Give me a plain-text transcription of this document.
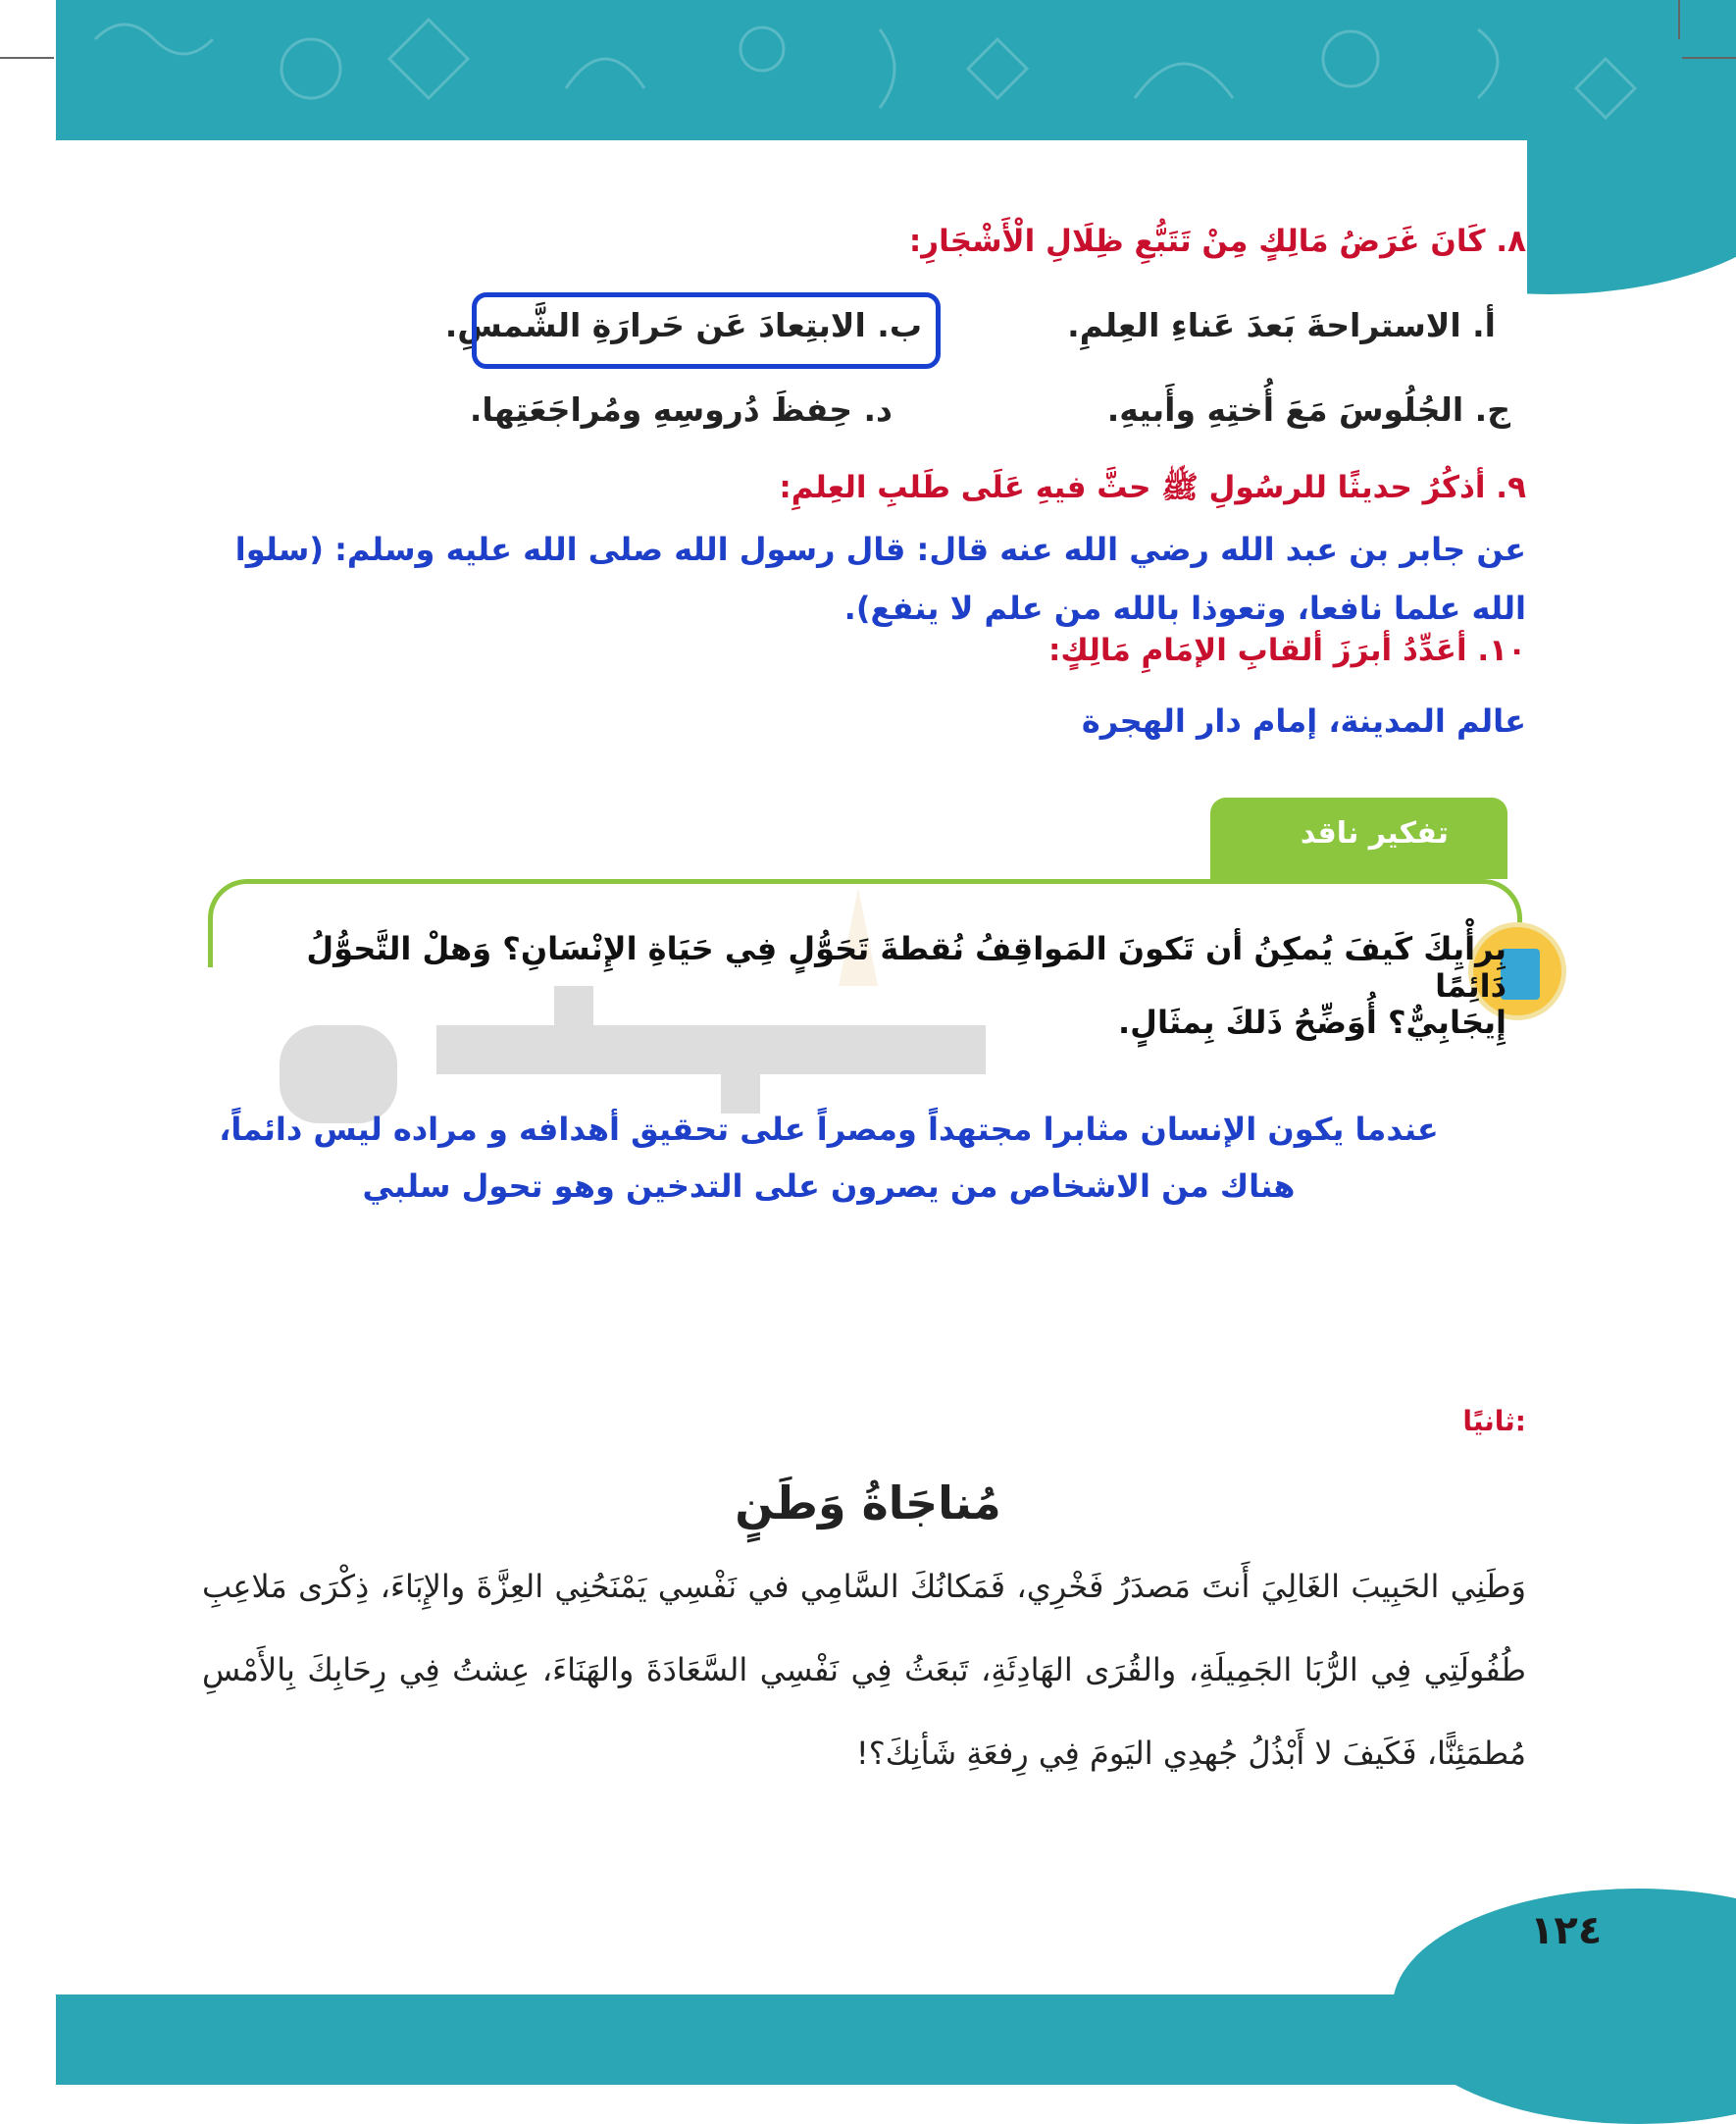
٨. كَانَ غَرَضُ مَالِكٍ مِنْ تَتَبُّعِ ظِلَالِ الْأَشْجَارِ:
أ. الاستراحةَ بَعدَ عَناءِ العِلمِ.
ب. الابتِعادَ عَن حَرارَةِ الشَّمسِ.
ج. الجُلُوسَ مَعَ أُختِهِ وأَبيهِ.
د. حِفظَ دُروسِهِ ومُراجَعَتِها.
٩. أذكُرُ حديثًا للرسُولِ ﷺ حثَّ فيهِ عَلَى طَلبِ العِلمِ:
عن جابر بن عبد الله رضي الله عنه قال: قال رسول الله صلى الله عليه وسلم: (سلوا الله علما نافعا، وتعوذا بالله من علم لا ينفع).
١٠. أعَدِّدُ أبرَزَ ألقابِ الإمَامِ مَالِكٍ:
عالم المدينة، إمام دار الهجرة
تفكير ناقد
بِرأْيِكَ كَيفَ يُمكِنُ أن تَكونَ المَواقِفُ نُقطةَ تَحَوُّلٍ فِي حَيَاةِ الإِنْسَانِ؟ وَهلْ التَّحوُّلُ دَائِمًا
إِيجَابِيٌّ؟ أُوَضِّحُ ذَلكَ بِمثَالٍ.
عندما يكون الإنسان مثابرا مجتهداً ومصراً على تحقيق أهدافه و مراده ليس دائماً، هناك من الاشخاص من يصرون على التدخين وهو تحول سلبي
ثانيًا:
مُناجَاةُ وَطَنٍ
وَطَنِي الحَبِيبَ الغَالِيَ أَنتَ مَصدَرُ فَخْرِي، فَمَكانُكَ السَّامِي في نَفْسِي يَمْنَحُنِي العِزَّةَ والإِبَاءَ، ذِكْرَى مَلاعِبِ طُفُولَتِي فِي الرُّبَا الجَمِيلَةِ، والقُرَى الهَادِئَةِ، تَبعَثُ فِي نَفْسِي السَّعَادَةَ والهَنَاءَ، عِشتُ فِي رِحَابِكَ بِالأَمْسِ مُطمَئِنًّا، فَكَيفَ لا أَبْذُلُ جُهدِي اليَومَ فِي رِفعَةِ شَأنِكَ؟!
١٢٤
